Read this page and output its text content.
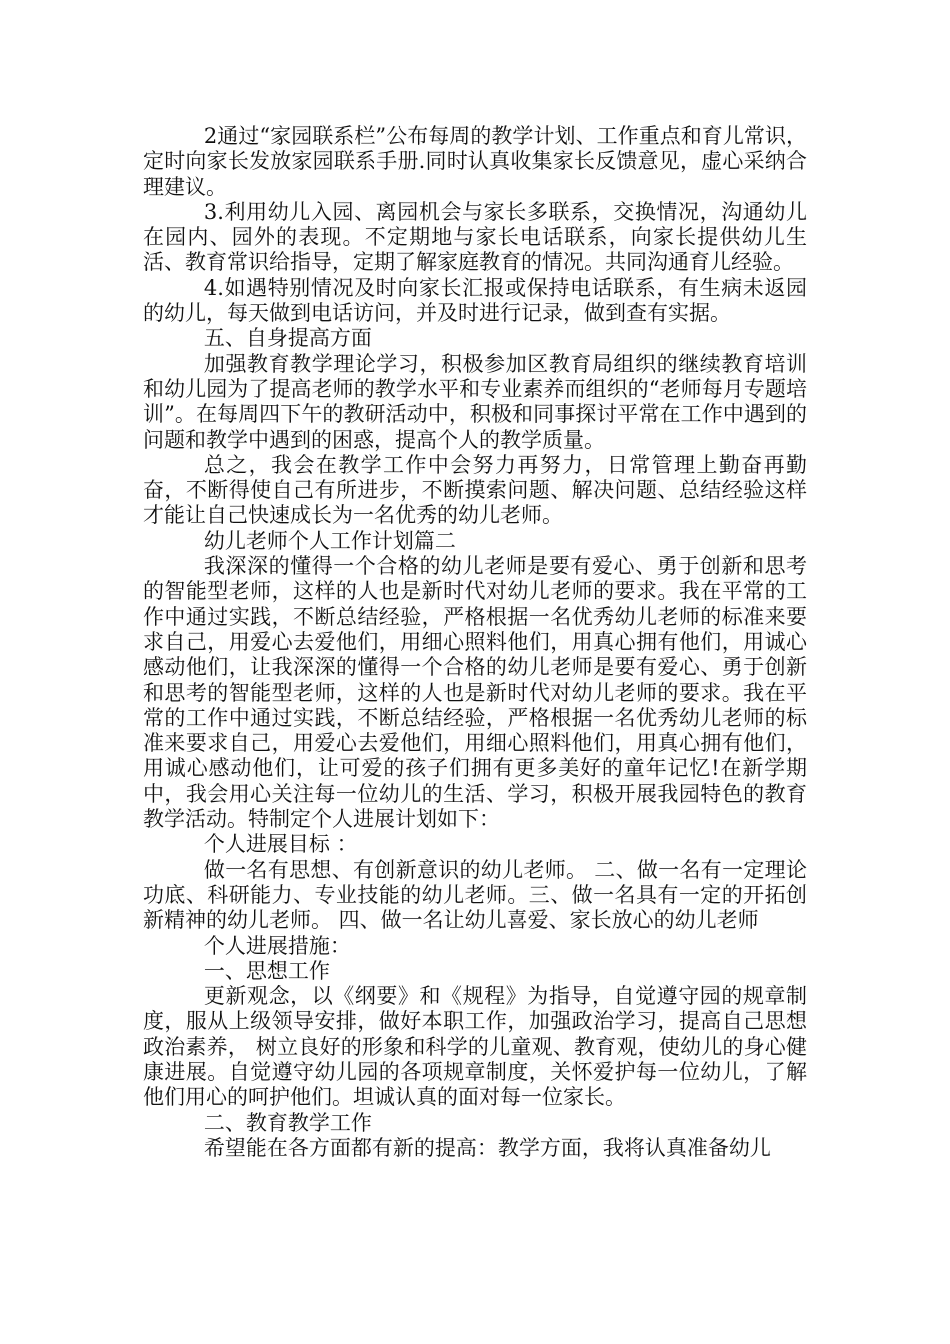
2通过“家园联系栏”公布每周的教学计划、工作重点和育儿常识，定时向家长发放家园联系手册.同时认真收集家长反馈意见，虚心采纳合理建议。

3.利用幼儿入园、离园机会与家长多联系，交换情况，沟通幼儿在园内、园外的表现。不定期地与家长电话联系，向家长提供幼儿生活、教育常识给指导，定期了解家庭教育的情况。共同沟通育儿经验。

4.如遇特别情况及时向家长汇报或保持电话联系，有生病未返园的幼儿，每天做到电话访问，并及时进行记录，做到查有实据。

五、自身提高方面

加强教育教学理论学习，积极参加区教育局组织的继续教育培训和幼儿园为了提高老师的教学水平和专业素养而组织的“老师每月专题培训”。在每周四下午的教研活动中，积极和同事探讨平常在工作中遇到的问题和教学中遇到的困惑，提高个人的教学质量。

总之，我会在教学工作中会努力再努力，日常管理上勤奋再勤奋，不断得使自己有所进步，不断摸索问题、解决问题、总结经验这样才能让自己快速成长为一名优秀的幼儿老师。

幼儿老师个人工作计划篇二

我深深的懂得一个合格的幼儿老师是要有爱心、勇于创新和思考的智能型老师，这样的人也是新时代对幼儿老师的要求。我在平常的工作中通过实践，不断总结经验，严格根据一名优秀幼儿老师的标准来要求自己，用爱心去爱他们，用细心照料他们，用真心拥有他们，用诚心感动他们，让我深深的懂得一个合格的幼儿老师是要有爱心、勇于创新和思考的智能型老师，这样的人也是新时代对幼儿老师的要求。我在平常的工作中通过实践，不断总结经验，严格根据一名优秀幼儿老师的标准来要求自己，用爱心去爱他们，用细心照料他们，用真心拥有他们，用诚心感动他们，让可爱的孩子们拥有更多美好的童年记忆!在新学期中，我会用心关注每一位幼儿的生活、学习，积极开展我园特色的教育教学活动。特制定个人进展计划如下：

个人进展目标 ：

做一名有思想、有创新意识的幼儿老师。 二、做一名有一定理论功底、科研能力、专业技能的幼儿老师。三、做一名具有一定的开拓创新精神的幼儿老师。 四、做一名让幼儿喜爱、家长放心的幼儿老师

个人进展措施：

一、思想工作

更新观念，以《纲要》和《规程》为指导，自觉遵守园的规章制度，服从上级领导安排，做好本职工作，加强政治学习，提高自己思想政治素养， 树立良好的形象和科学的儿童观、教育观，使幼儿的身心健康进展。自觉遵守幼儿园的各项规章制度，关怀爱护每一位幼儿，了解他们用心的呵护他们。坦诚认真的面对每一位家长。

二、教育教学工作

希望能在各方面都有新的提高：教学方面，我将认真准备幼儿
